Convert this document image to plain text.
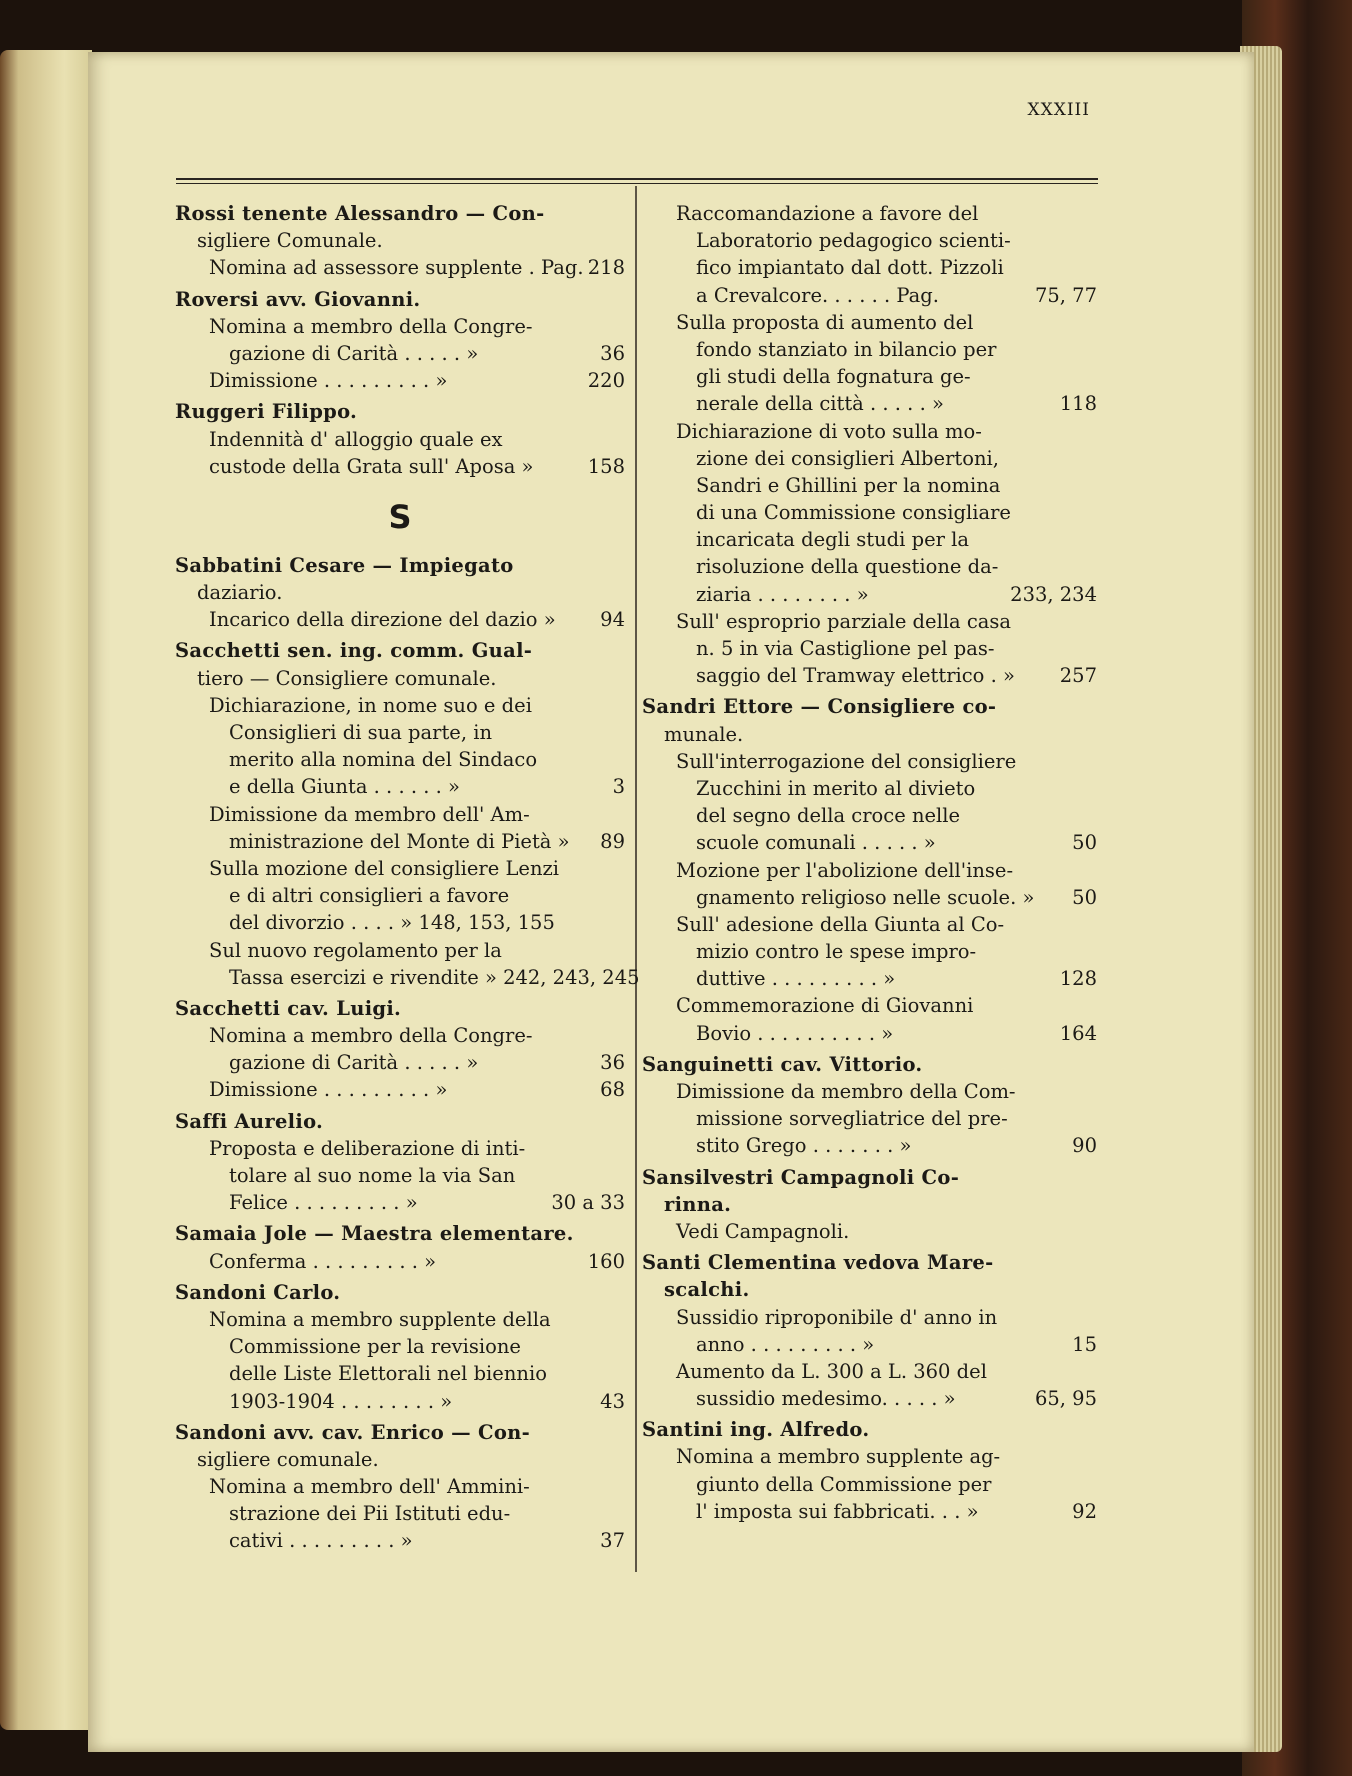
XXXIII
Rossi tenente Alessandro — Con-
sigliere Comunale.
Nomina ad assessore supplente . Pag. 218
Roversi avv. Giovanni.
Nomina a membro della Congre-
gazione di Carità . . . . . »	36
Dimissione . . . . . . . . . »	220
Ruggeri Filippo.
Indennità d' alloggio quale ex
custode della Grata sull' Aposa »	158
S
Sabbatini Cesare — Impiegato
daziario.
Incarico della direzione del dazio » 94
Sacchetti sen. ing. comm. Gual-
tiero — Consigliere comunale.
Dichiarazione, in nome suo e dei
Consiglieri di sua parte, in
merito alla nomina del Sindaco
e della Giunta . . . . . . »	3
Dimissione da membro dell' Am-
ministrazione del Monte di Pietà » 89
Sulla mozione del consigliere Lenzi
e di altri consiglieri a favore
del divorzio . . . . » 148, 153, 155
Sul nuovo regolamento per la
Tassa esercizi e rivendite » 242, 243, 245
Sacchetti cav. Luigi.
Nomina a membro della Congre-
gazione di Carità . . . . . »	36
Dimissione . . . . . . . . . »	68
Saffi Aurelio.
Proposta e deliberazione di inti-
tolare al suo nome la via San
Felice . . . . . . . . . »	30 a 33
Samaia Jole — Maestra elementare.
Conferma . . . . . . . . . »	160
Sandoni Carlo.
Nomina a membro supplente della
Commissione per la revisione
delle Liste Elettorali nel biennio
1903-1904 . . . . . . . . »	43
Sandoni avv. cav. Enrico — Con-
sigliere comunale.
Nomina a membro dell' Ammini-
strazione dei Pii Istituti edu-
cativi . . . . . . . . . »	37
Raccomandazione a favore del
Laboratorio pedagogico scienti-
fico impiantato dal dott. Pizzoli
a Crevalcore. . . . . . Pag.	75, 77
Sulla proposta di aumento del
fondo stanziato in bilancio per
gli studi della fognatura ge-
nerale della città . . . . . »	118
Dichiarazione di voto sulla mo-
zione dei consiglieri Albertoni,
Sandri e Ghillini per la nomina
di una Commissione consigliare
incaricata degli studi per la
risoluzione della questione da-
ziaria . . . . . . . . »	233, 234
Sull' esproprio parziale della casa
n. 5 in via Castiglione pel pas-
saggio del Tramway elettrico . » 257
Sandri Ettore — Consigliere co-
munale.
Sull'interrogazione del consigliere
Zucchini in merito al divieto
del segno della croce nelle
scuole comunali . . . . . »	50
Mozione per l'abolizione dell'inse-
gnamento religioso nelle scuole. » 50
Sull' adesione della Giunta al Co-
mizio contro le spese impro-
duttive . . . . . . . . . »	128
Commemorazione di Giovanni
Bovio . . . . . . . . . . »	164
Sanguinetti cav. Vittorio.
Dimissione da membro della Com-
missione sorvegliatrice del pre-
stito Grego . . . . . . . »	90
Sansilvestri Campagnoli Co-
rinna.
Vedi Campagnoli.
Santi Clementina vedova Mare-
scalchi.
Sussidio riproponibile d' anno in
anno . . . . . . . . . »	15
Aumento da L. 300 a L. 360 del
sussidio medesimo. . . . . »	65, 95
Santini ing. Alfredo.
Nomina a membro supplente ag-
giunto della Commissione per
l' imposta sui fabbricati. . . »	92
